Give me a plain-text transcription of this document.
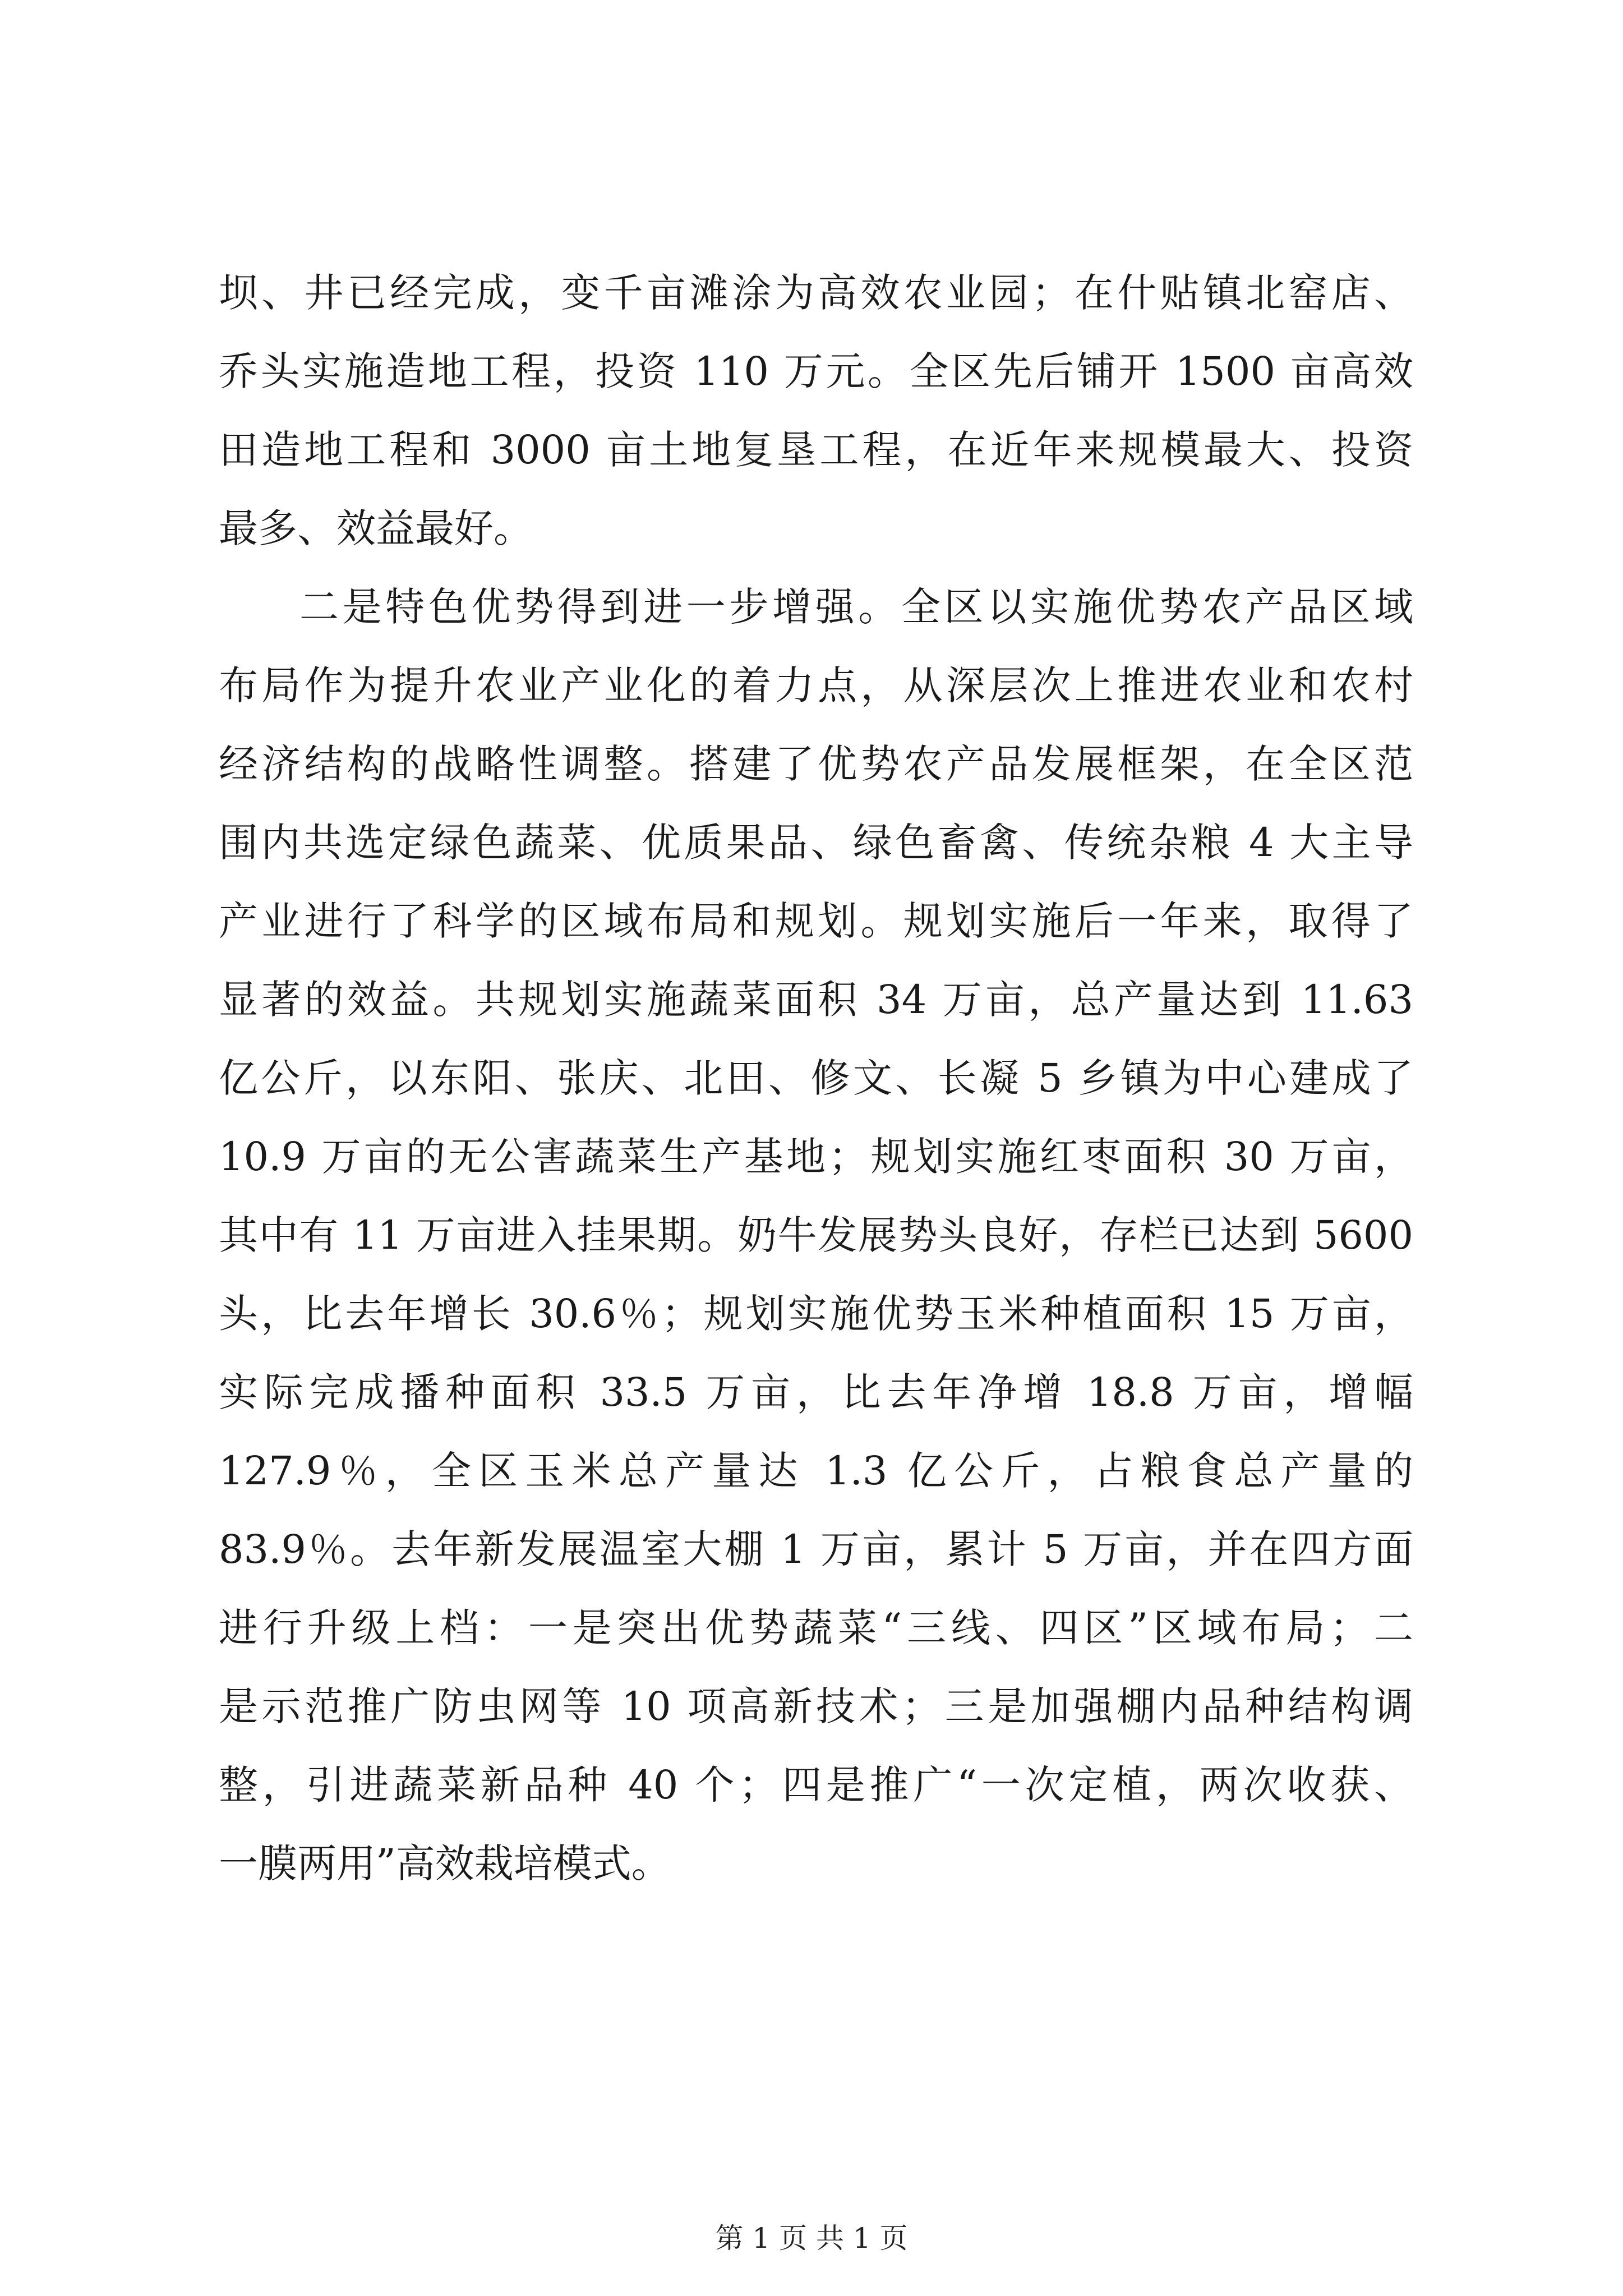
坝、井已经完成，变千亩滩涂为高效农业园；在什贴镇北窑店、
乔头实施造地工程，投资 110 万元。全区先后铺开 1500 亩高效
田造地工程和 3000 亩土地复垦工程，在近年来规模最大、投资
最多、效益最好。
二是特色优势得到进一步增强。全区以实施优势农产品区域
布局作为提升农业产业化的着力点，从深层次上推进农业和农村
经济结构的战略性调整。搭建了优势农产品发展框架，在全区范
围内共选定绿色蔬菜、优质果品、绿色畜禽、传统杂粮 4 大主导
产业进行了科学的区域布局和规划。规划实施后一年来，取得了
显著的效益。共规划实施蔬菜面积 34 万亩，总产量达到 11.63
亿公斤，以东阳、张庆、北田、修文、长凝 5 乡镇为中心建成了
10.9 万亩的无公害蔬菜生产基地；规划实施红枣面积 30 万亩，
其中有 11 万亩进入挂果期。奶牛发展势头良好，存栏已达到 5600
头，比去年增长 30.6％；规划实施优势玉米种植面积 15 万亩，
实际完成播种面积 33.5 万亩，比去年净增 18.8 万亩，增幅
127.9％，全区玉米总产量达 1.3 亿公斤，占粮食总产量的
83.9％。去年新发展温室大棚 1 万亩，累计 5 万亩，并在四方面
进行升级上档：一是突出优势蔬菜“三线、四区”区域布局；二
是示范推广防虫网等 10 项高新技术；三是加强棚内品种结构调
整，引进蔬菜新品种 40 个；四是推广“一次定植，两次收获、
一膜两用”高效栽培模式。
第 1 页 共 1 页
